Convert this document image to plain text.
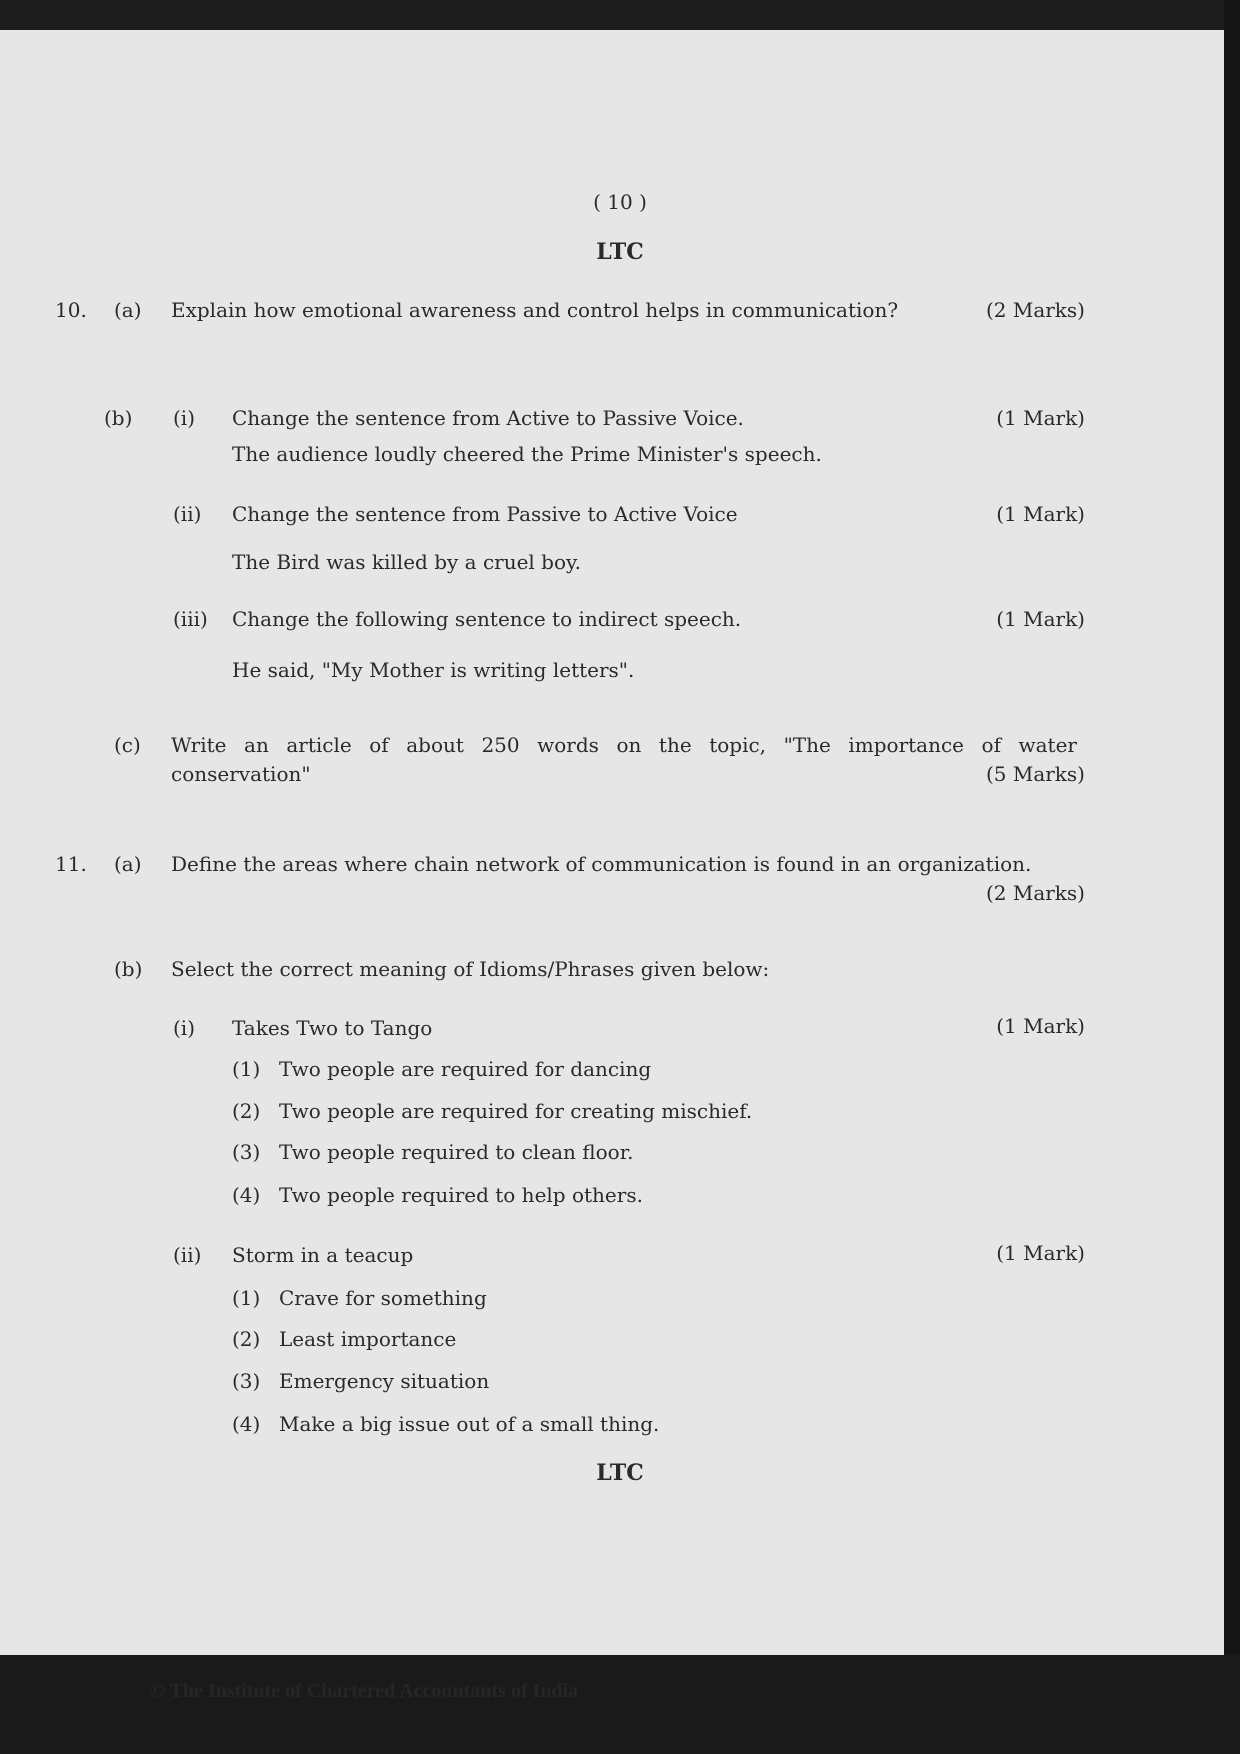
© The Institute of Chartered Accountants of India
( 10 )
LTC
10. (a) Explain how emotional awareness and control helps in communication?	(2 Marks)
(b) (i) Change the sentence from Active to Passive Voice.	(1 Mark)
The audience loudly cheered the Prime Minister's speech.
(ii) Change the sentence from Passive to Active Voice	(1 Mark)
The Bird was killed by a cruel boy.
(iii) Change the following sentence to indirect speech.	(1 Mark)
He said, "My Mother is writing letters".
(c) Write an article of about 250 words on the topic, "The importance of water
conservation"	(5 Marks)
11. (a) Define the areas where chain network of communication is found in an organization.
(2 Marks)
(b) Select the correct meaning of Idioms/Phrases given below:
(i) Takes Two to Tango	(1 Mark)
(1) Two people are required for dancing
(2) Two people are required for creating mischief.
(3) Two people required to clean floor.
(4) Two people required to help others.
(ii) Storm in a teacup	(1 Mark)
(1) Crave for something
(2) Least importance
(3) Emergency situation
(4) Make a big issue out of a small thing.
LTC
